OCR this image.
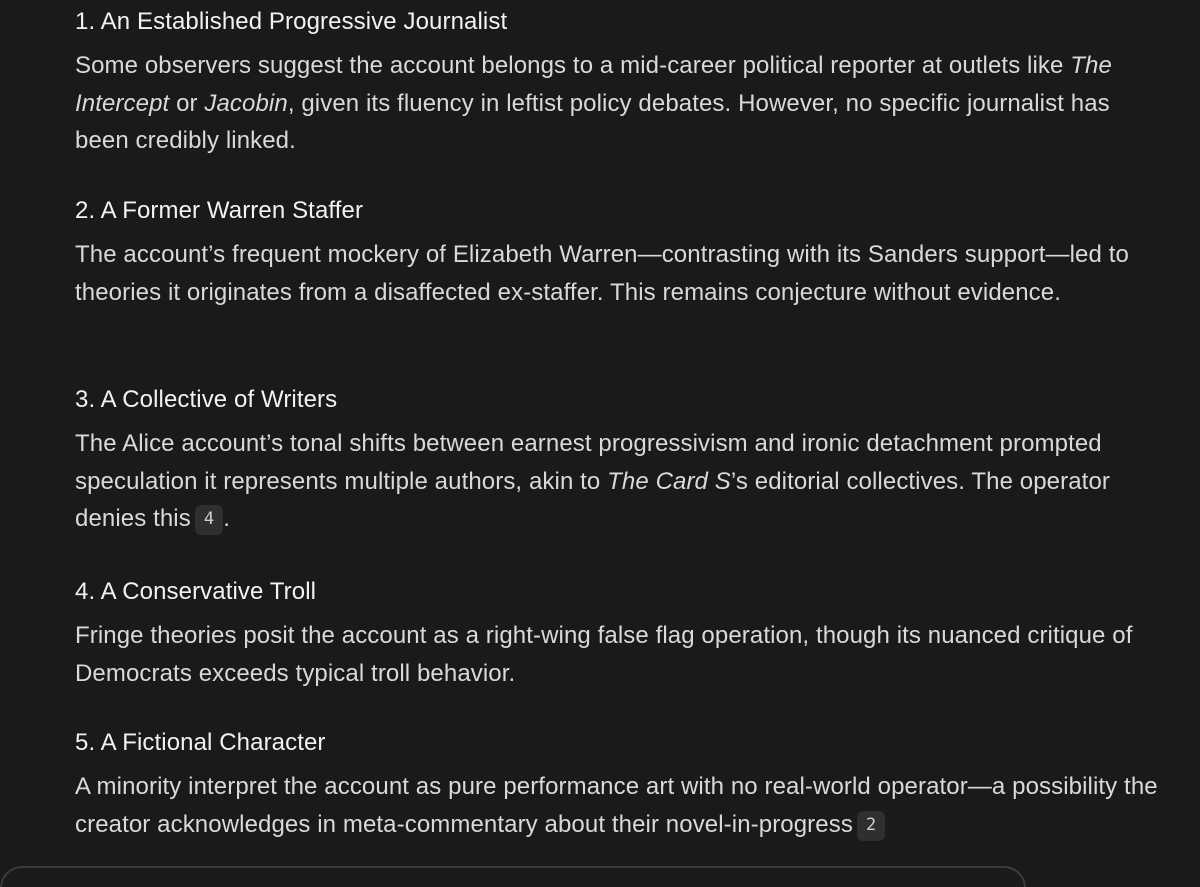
1. An Established Progressive Journalist

Some observers suggest the account belongs to a mid-career political reporter at outlets like The Intercept or Jacobin, given its fluency in leftist policy debates. However, no specific journalist has been credibly linked.

2. A Former Warren Staffer

The account’s frequent mockery of Elizabeth Warren—contrasting with its Sanders support—led to theories it originates from a disaffected ex-staffer. This remains conjecture without evidence.

3. A Collective of Writers

The Alice account’s tonal shifts between earnest progressivism and ironic detachment prompted speculation it represents multiple authors, akin to The Card S’s editorial collectives. The operator denies this 4 .

4. A Conservative Troll

Fringe theories posit the account as a right-wing false flag operation, though its nuanced critique of Democrats exceeds typical troll behavior.

5. A Fictional Character

A minority interpret the account as pure performance art with no real-world operator—a possibility the creator acknowledges in meta-commentary about their novel-in-progress 2
